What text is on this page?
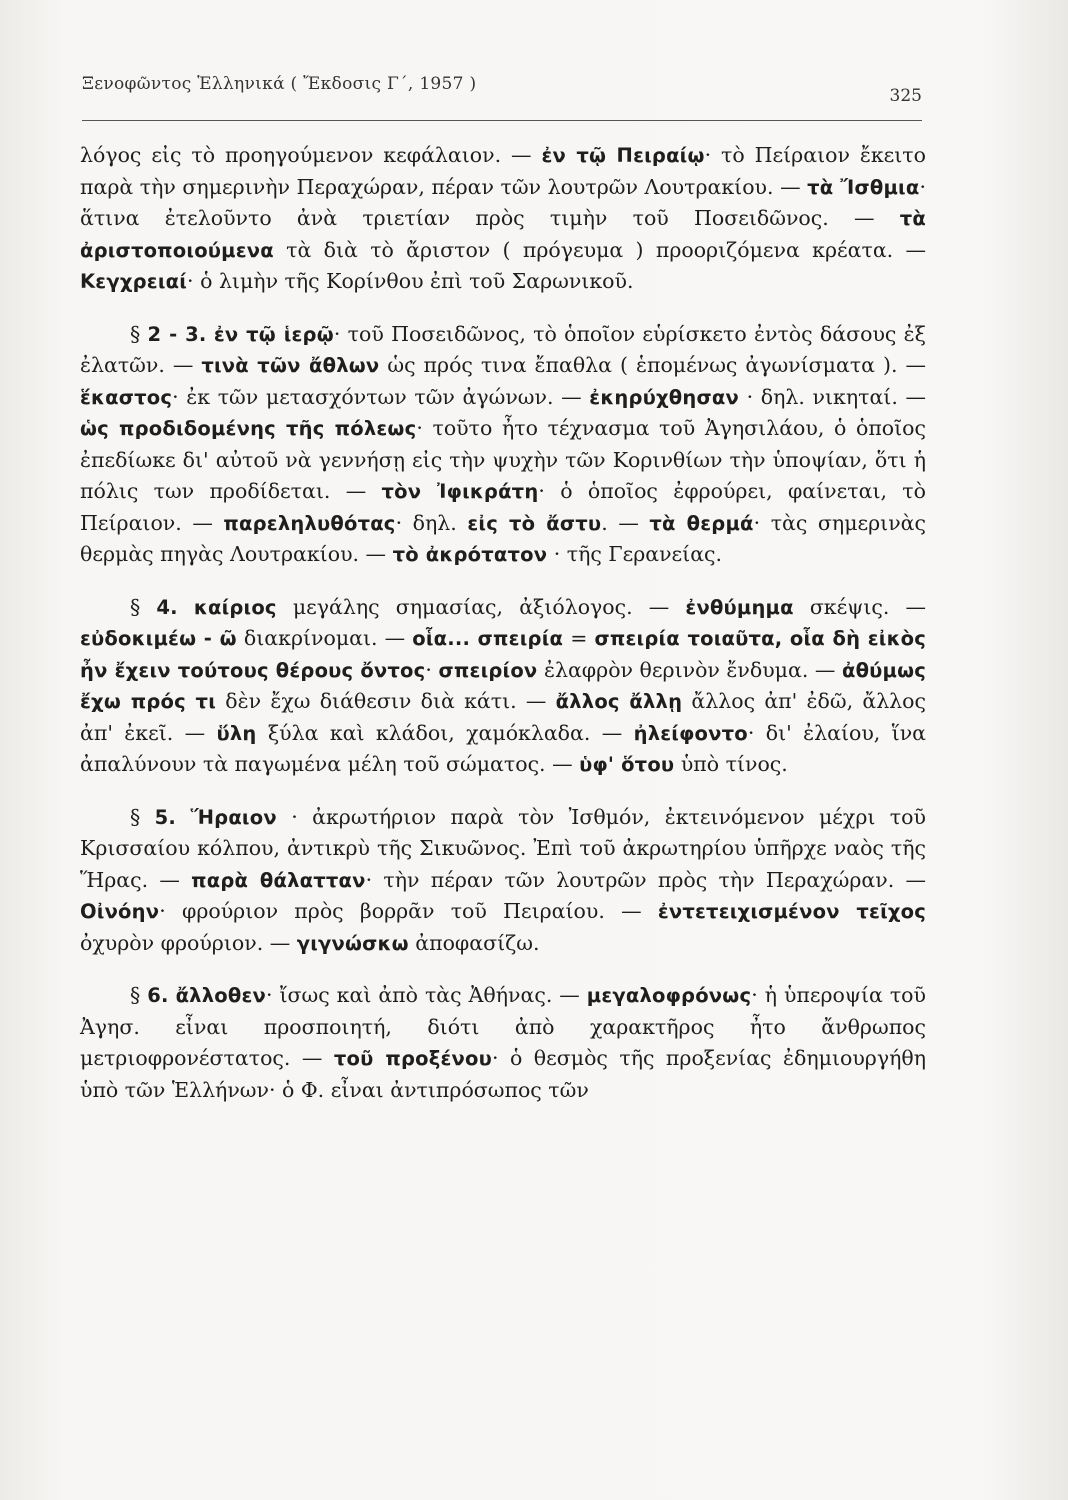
Ξενοφῶντος Ἑλληνικά ( Ἔκδοσις Γ΄, 1957 )
325

λόγος εἰς τὸ προηγούμενον κεφάλαιον. — ἐν τῷ Πειραίῳ· τὸ Πείραιον ἔκειτο παρὰ τὴν σημερινὴν Περαχώραν, πέραν τῶν λουτρῶν Λουτρακίου. — τὰ Ἴσθμια· ἅτινα ἐτελοῦντο ἀνὰ τριετίαν πρὸς τιμὴν τοῦ Ποσειδῶνος. — τὰ ἀριστοποιούμενα τὰ διὰ τὸ ἄριστον ( πρόγευμα ) προοριζόμενα κρέατα. — Κεγχρειαί· ὁ λιμὴν τῆς Κορίνθου ἐπὶ τοῦ Σαρωνικοῦ.

§ 2 - 3. ἐν τῷ ἱερῷ· τοῦ Ποσειδῶνος, τὸ ὁποῖον εὑρίσκετο ἐντὸς δάσους ἐξ ἐλατῶν. — τινὰ τῶν ἄθλων ὡς πρός τινα ἔπαθλα ( ἑπομένως ἀγωνίσματα ). — ἕκαστος· ἐκ τῶν μετασχόντων τῶν ἀγώνων. — ἐκηρύχθησαν · δηλ. νικηταί. — ὡς προδιδομένης τῆς πόλεως· τοῦτο ἦτο τέχνασμα τοῦ Ἀγησιλάου, ὁ ὁποῖος ἐπεδίωκε δι' αὐτοῦ νὰ γεννήσῃ εἰς τὴν ψυχὴν τῶν Κορινθίων τὴν ὑποψίαν, ὅτι ἡ πόλις των προδίδεται. — τὸν Ἰφικράτη· ὁ ὁποῖος ἐφρούρει, φαίνεται, τὸ Πείραιον. — παρεληλυθότας· δηλ. εἰς τὸ ἄστυ. — τὰ θερμά· τὰς σημερινὰς θερμὰς πηγὰς Λουτρακίου. — τὸ ἀκρότατον · τῆς Γερανείας.

§ 4. καίριος μεγάλης σημασίας, ἀξιόλογος. — ἐνθύμημα σκέψις. — εὐδοκιμέω - ῶ διακρίνομαι. — οἷα... σπειρία = σπειρία τοιαῦτα, οἷα δὴ εἰκὸς ἦν ἔχειν τούτους θέρους ὄντος· σπειρίον ἐλαφρὸν θερινὸν ἔνδυμα. — ἀθύμως ἔχω πρός τι δὲν ἔχω διάθεσιν διὰ κάτι. — ἄλλος ἄλλῃ ἄλλος ἀπ' ἐδῶ, ἄλλος ἀπ' ἐκεῖ. — ὕλη ξύλα καὶ κλάδοι, χαμόκλαδα. — ἠλείφοντο· δι' ἐλαίου, ἵνα ἀπαλύνουν τὰ παγωμένα μέλη τοῦ σώματος. — ὑφ' ὅτου ὑπὸ τίνος.

§ 5. Ἥραιον · ἀκρωτήριον παρὰ τὸν Ἰσθμόν, ἐκτεινόμενον μέχρι τοῦ Κρισσαίου κόλπου, ἀντικρὺ τῆς Σικυῶνος. Ἐπὶ τοῦ ἀκρωτηρίου ὑπῆρχε ναὸς τῆς Ἥρας. — παρὰ θάλατταν· τὴν πέραν τῶν λουτρῶν πρὸς τὴν Περαχώραν. — Οἰνόην· φρούριον πρὸς βορρᾶν τοῦ Πειραίου. — ἐντετειχισμένον τεῖχος ὀχυρὸν φρούριον. — γιγνώσκω ἀποφασίζω.

§ 6. ἄλλοθεν· ἴσως καὶ ἀπὸ τὰς Ἀθήνας. — μεγαλοφρόνως· ἡ ὑπεροψία τοῦ Ἀγησ. εἶναι προσποιητή, διότι ἀπὸ χαρακτῆρος ἦτο ἄνθρωπος μετριοφρονέστατος. — τοῦ προξένου· ὁ θεσμὸς τῆς προξενίας ἐδημιουργήθη ὑπὸ τῶν Ἑλλήνων· ὁ Φ. εἶναι ἀντιπρόσωπος τῶν
